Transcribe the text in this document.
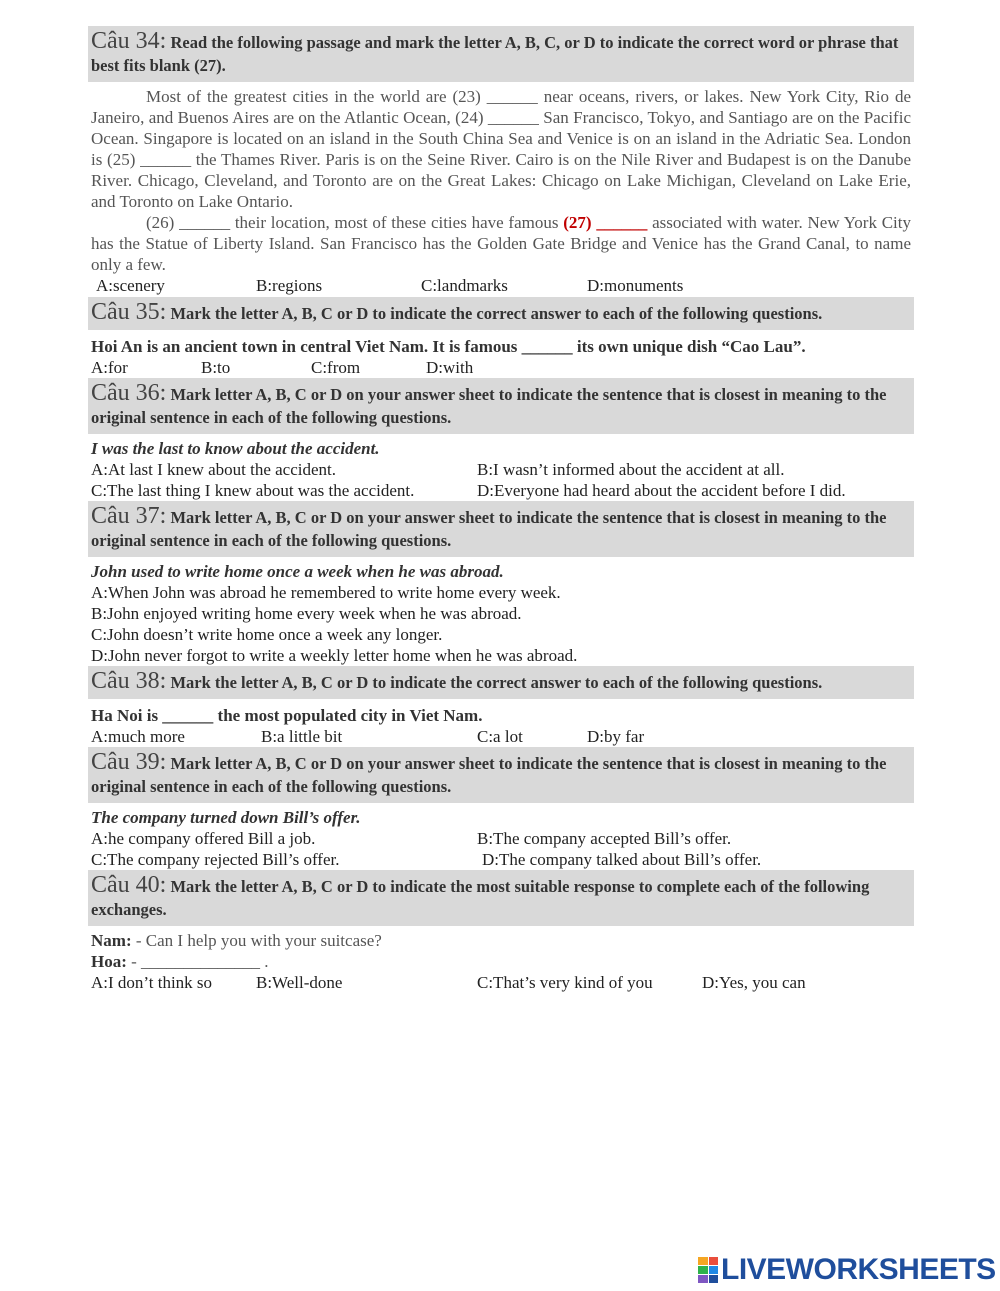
Câu 34: Read the following passage and mark the letter A, B, C, or D to indicate the correct word or phrase that best fits blank (27).

Most of the greatest cities in the world are (23) ______ near oceans, rivers, or lakes. New York City, Rio de Janeiro, and Buenos Aires are on the Atlantic Ocean, (24) ______ San Francisco, Tokyo, and Santiago are on the Pacific Ocean. Singapore is located on an island in the South China Sea and Venice is on an island in the Adriatic Sea. London is (25) ______ the Thames River. Paris is on the Seine River. Cairo is on the Nile River and Budapest is on the Danube River. Chicago, Cleveland, and Toronto are on the Great Lakes: Chicago on Lake Michigan, Cleveland on Lake Erie, and Toronto on Lake Ontario.

(26) ______ their location, most of these cities have famous (27) ______ associated with water. New York City has the Statue of Liberty Island. San Francisco has the Golden Gate Bridge and Venice has the Grand Canal, to name only a few.

A:scenery	B:regions	C:landmarks	D:monuments
Câu 35: Mark the letter A, B, C or D to indicate the correct answer to each of the following questions.
Hoi An is an ancient town in central Viet Nam. It is famous ______ its own unique dish “Cao Lau”.
A:for	B:to	C:from	D:with
Câu 36: Mark letter A, B, C or D on your answer sheet to indicate the sentence that is closest in meaning to the original sentence in each of the following questions.
I was the last to know about the accident.
A:At last I knew about the accident.	B:I wasn’t informed about the accident at all.
C:The last thing I knew about was the accident.	D:Everyone had heard about the accident before I did.
Câu 37: Mark letter A, B, C or D on your answer sheet to indicate the sentence that is closest in meaning to the original sentence in each of the following questions.
John used to write home once a week when he was abroad.
A:When John was abroad he remembered to write home every week.
B:John enjoyed writing home every week when he was abroad.
C:John doesn’t write home once a week any longer.
D:John never forgot to write a weekly letter home when he was abroad.
Câu 38: Mark the letter A, B, C or D to indicate the correct answer to each of the following questions.
Ha Noi is ______ the most populated city in Viet Nam.
A:much more	B:a little bit	C:a lot	D:by far
Câu 39: Mark letter A, B, C or D on your answer sheet to indicate the sentence that is closest in meaning to the original sentence in each of the following questions.
The company turned down Bill’s offer.
A:he company offered Bill a job.	B:The company accepted Bill’s offer.
C:The company rejected Bill’s offer.	D:The company talked about Bill’s offer.
Câu 40: Mark the letter A, B, C or D to indicate the most suitable response to complete each of the following exchanges.
Nam: - Can I help you with your suitcase?
Hoa: - ______________ .
A:I don’t think so	B:Well-done	C:That’s very kind of you	D:Yes, you can
LIVEWORKSHEETS
